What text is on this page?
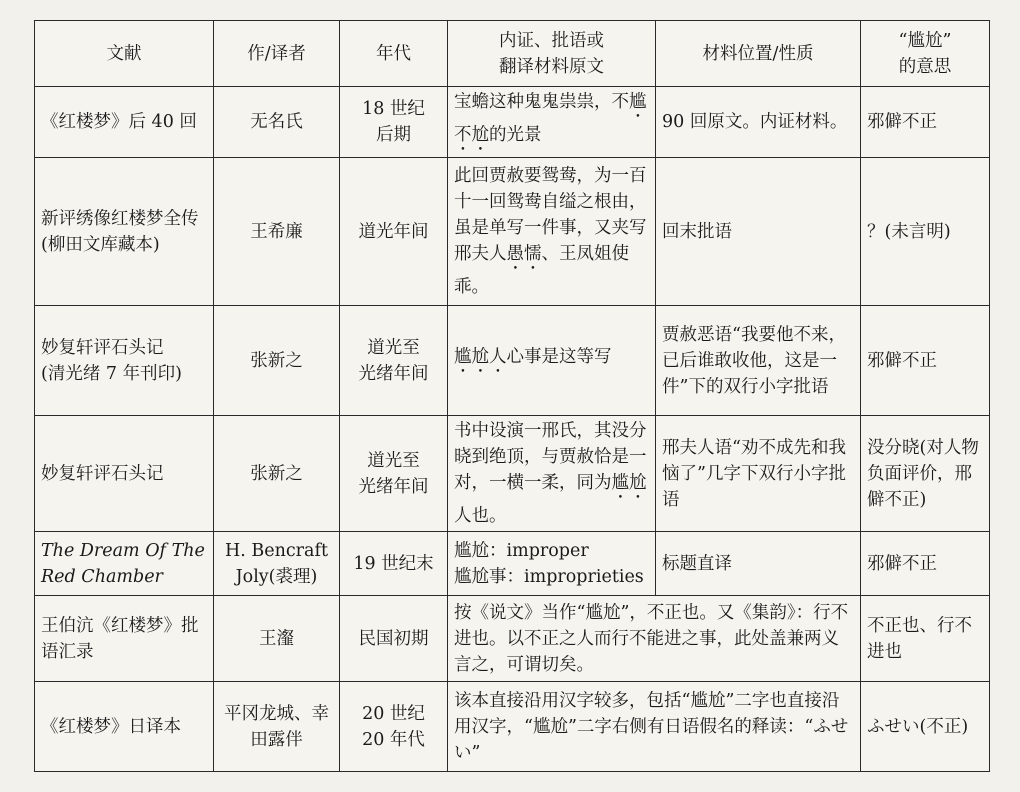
文献	作/译者	年代	内证、批语或
翻译材料原文	材料位置/性质	“尴尬”
的意思

《红楼梦》后 40 回	无名氏	18 世纪
后期	宝蟾这种鬼鬼祟祟，不尴不尬的光景	90 回原文。内证材料。	邪僻不正

新评绣像红楼梦全传(柳田文库藏本)	王希廉	道光年间	此回贾赦要鸳鸯，为一百十一回鸳鸯自缢之根由，虽是单写一件事，又夹写邢夫人愚懦、王凤姐使乖。	回末批语	？(未言明)

妙复轩评石头记
(清光绪 7 年刊印)	张新之	道光至
光绪年间	尴尬人心事是这等写	贾赦恶语“我要他不来，已后谁敢收他，这是一件”下的双行小字批语	邪僻不正

妙复轩评石头记	张新之	道光至
光绪年间	书中设演一邢氏，其没分晓到绝顶，与贾赦恰是一对，一横一柔，同为尴尬人也。	邢夫人语“劝不成先和我恼了”几字下双行小字批语	没分晓(对人物负面评价，邢僻不正)

The Dream Of The Red Chamber	H. Bencraft Joly(裘理)	19 世纪末	尴尬：improper
尴尬事：improprieties	标题直译	邪僻不正

王伯沆《红楼梦》批语汇录	王瀣	民国初期	按《说文》当作“尴尬”，不正也。又《集韵》：行不进也。以不正之人而行不能进之事，此处盖兼两义言之，可谓切矣。		不正也、行不进也

《红楼梦》日译本	平冈龙城、幸田露伴	20 世纪
20 年代	该本直接沿用汉字较多，包括“尴尬”二字也直接沿用汉字，“尴尬”二字右侧有日语假名的释读：“ふせい”		ふせい(不正)
